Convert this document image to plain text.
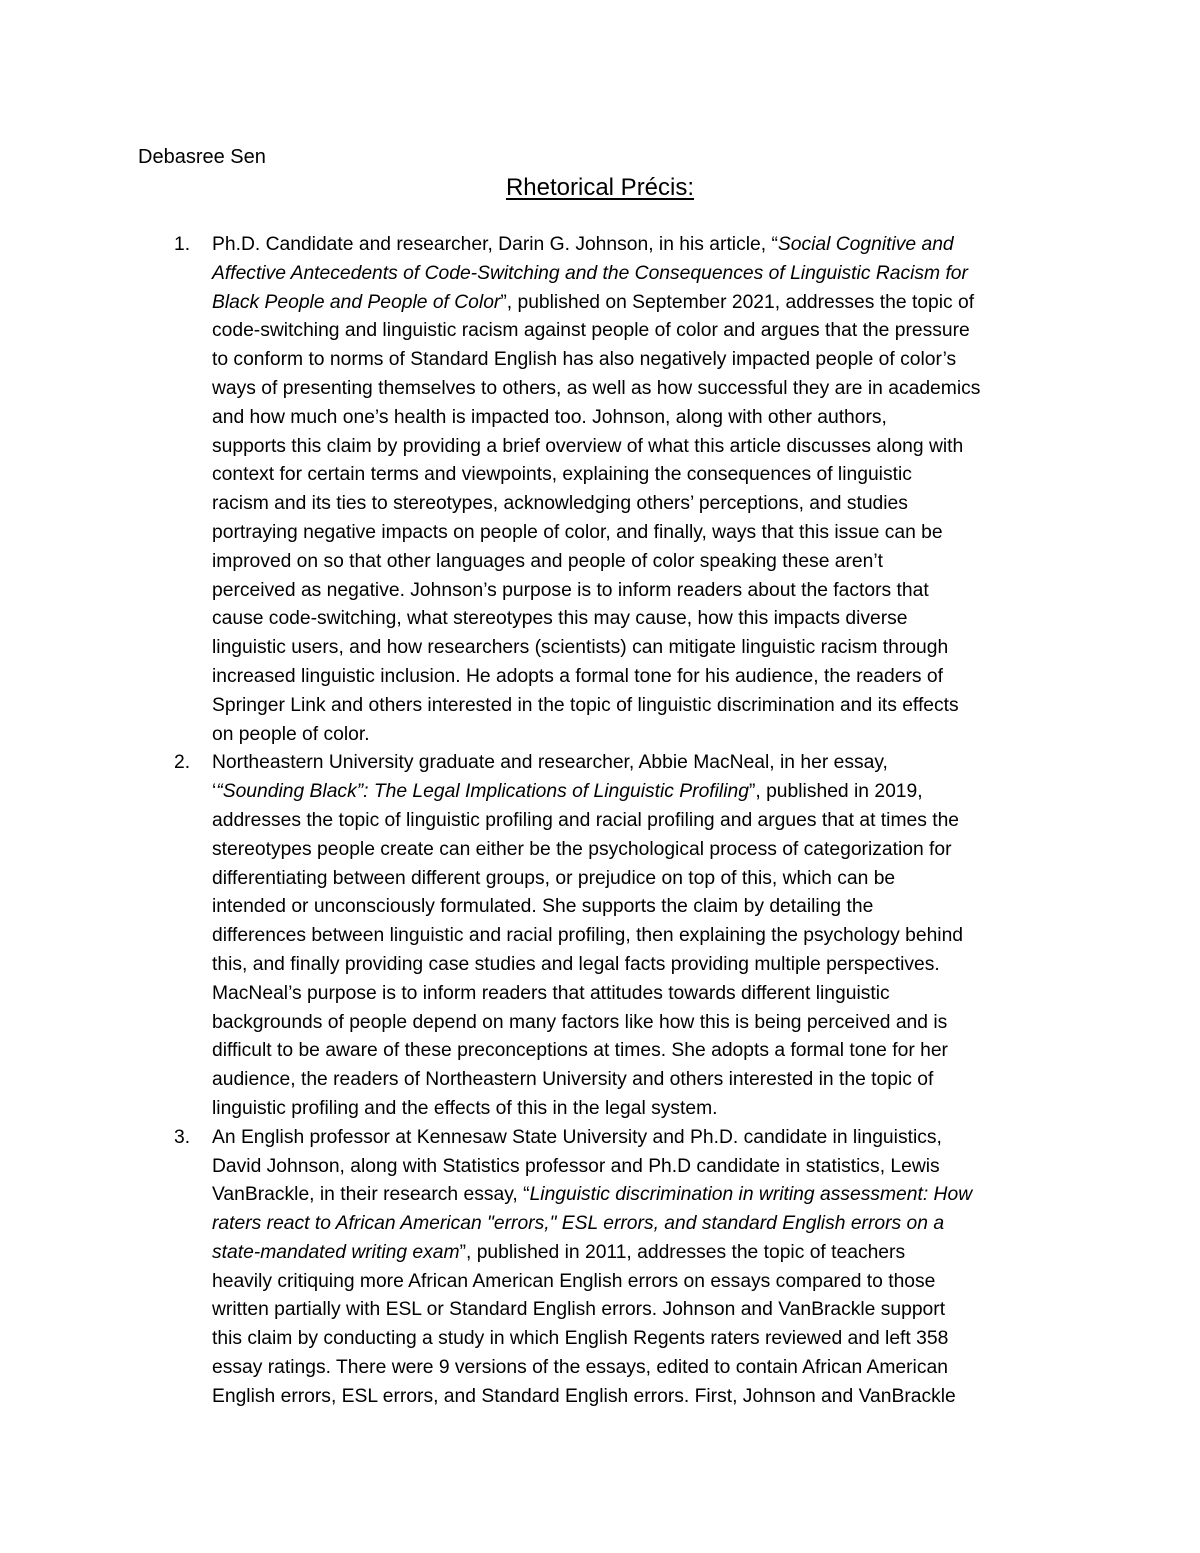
Debasree Sen
Rhetorical Précis:
1.	Ph.D. Candidate and researcher, Darin G. Johnson, in his article, “Social Cognitive and
Affective Antecedents of Code-Switching and the Consequences of Linguistic Racism for
Black People and People of Color”, published on September 2021, addresses the topic of
code-switching and linguistic racism against people of color and argues that the pressure
to conform to norms of Standard English has also negatively impacted people of color’s
ways of presenting themselves to others, as well as how successful they are in academics
and how much one’s health is impacted too. Johnson, along with other authors,
supports this claim by providing a brief overview of what this article discusses along with
context for certain terms and viewpoints, explaining the consequences of linguistic
racism and its ties to stereotypes, acknowledging others’ perceptions, and studies
portraying negative impacts on people of color, and finally, ways that this issue can be
improved on so that other languages and people of color speaking these aren’t
perceived as negative. Johnson’s purpose is to inform readers about the factors that
cause code-switching, what stereotypes this may cause, how this impacts diverse
linguistic users, and how researchers (scientists) can mitigate linguistic racism through
increased linguistic inclusion. He adopts a formal tone for his audience, the readers of
Springer Link and others interested in the topic of linguistic discrimination and its effects
on people of color.
2.	Northeastern University graduate and researcher, Abbie MacNeal, in her essay,
‘“Sounding Black”: The Legal Implications of Linguistic Profiling”, published in 2019,
addresses the topic of linguistic profiling and racial profiling and argues that at times the
stereotypes people create can either be the psychological process of categorization for
differentiating between different groups, or prejudice on top of this, which can be
intended or unconsciously formulated. She supports the claim by detailing the
differences between linguistic and racial profiling, then explaining the psychology behind
this, and finally providing case studies and legal facts providing multiple perspectives.
MacNeal’s purpose is to inform readers that attitudes towards different linguistic
backgrounds of people depend on many factors like how this is being perceived and is
difficult to be aware of these preconceptions at times. She adopts a formal tone for her
audience, the readers of Northeastern University and others interested in the topic of
linguistic profiling and the effects of this in the legal system.
3.	An English professor at Kennesaw State University and Ph.D. candidate in linguistics,
David Johnson, along with Statistics professor and Ph.D candidate in statistics, Lewis
VanBrackle, in their research essay, “Linguistic discrimination in writing assessment: How
raters react to African American "errors," ESL errors, and standard English errors on a
state-mandated writing exam”, published in 2011, addresses the topic of teachers
heavily critiquing more African American English errors on essays compared to those
written partially with ESL or Standard English errors. Johnson and VanBrackle support
this claim by conducting a study in which English Regents raters reviewed and left 358
essay ratings. There were 9 versions of the essays, edited to contain African American
English errors, ESL errors, and Standard English errors. First, Johnson and VanBrackle
